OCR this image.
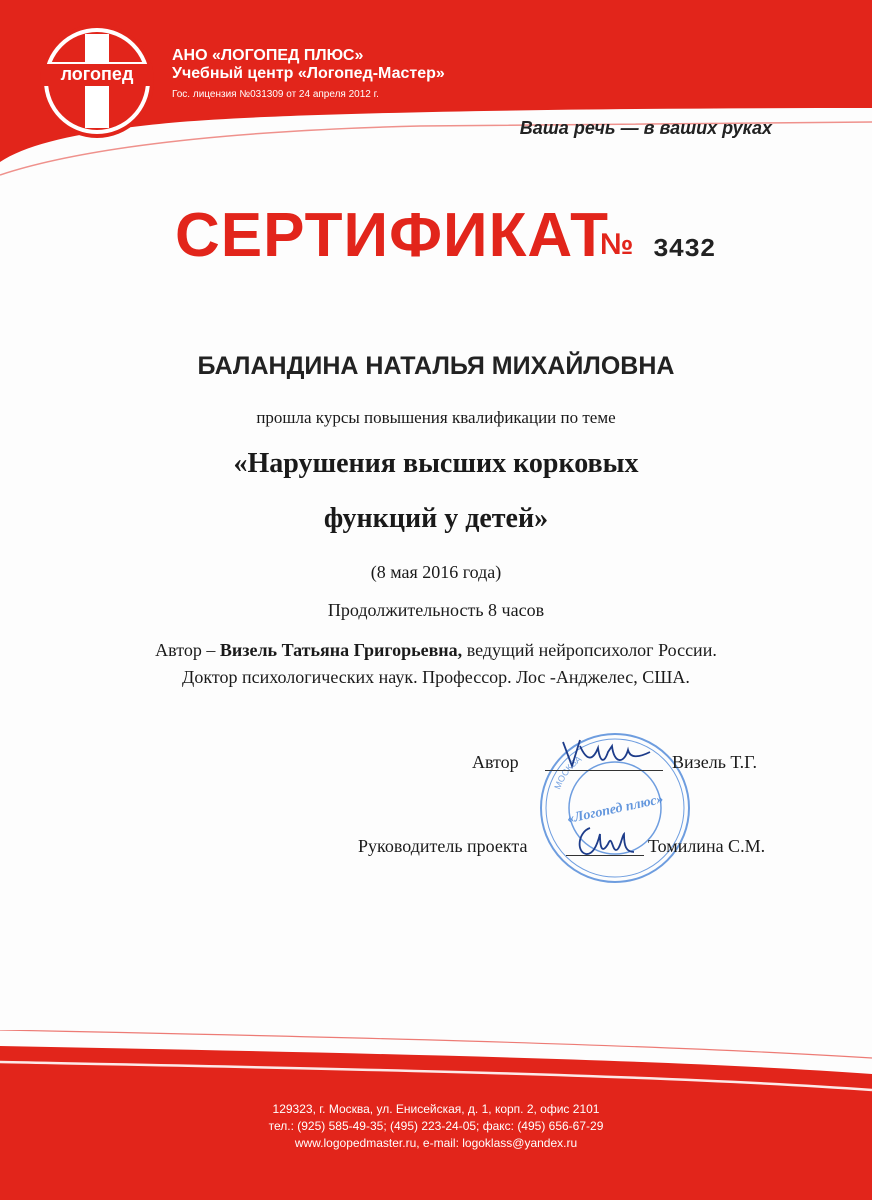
логопед
АНО «ЛОГОПЕД ПЛЮС»
Учебный центр «Логопед-Мастер»
Гос. лицензия №031309 от 24 апреля 2012 г.
Ваша речь — в ваших руках
СЕРТИФИКАТ
№ 3432
БАЛАНДИНА НАТАЛЬЯ МИХАЙЛОВНА
прошла курсы повышения квалификации по теме
«Нарушения высших корковых
функций у детей»
(8 мая 2016 года)
Продолжительность 8 часов
Автор – Визель Татьяна Григорьевна, ведущий нейропсихолог России.
Доктор психологических наук. Профессор. Лос -Анджелес, США.
МОСКВА
«Логопед плюс»
Автор	Визель Т.Г.
Руководитель проекта	Томилина С.М.
129323, г. Москва, ул. Енисейская, д. 1, корп. 2, офис 2101
тел.: (925) 585-49-35; (495) 223-24-05; факс: (495) 656-67-29
www.logopedmaster.ru, e-mail: logoklass@yandex.ru
